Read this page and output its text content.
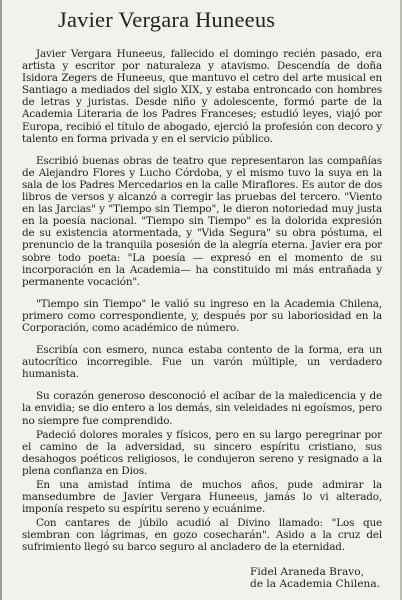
Javier Vergara Huneeus

Javier Vergara Huneeus, fallecido el domingo recién pasado, era artista y escritor por naturaleza y atavismo. Descendía de doña Isidora Zegers de Huneeus, que mantuvo el cetro del arte musical en Santiago a mediados del siglo XIX, y estaba entroncado con hombres de letras y juristas. Desde niño y adolescente, formó parte de la Academia Literaria de los Padres Franceses; estudió leyes, viajó por Europa, recibió el título de abogado, ejerció la profesión con decoro y talento en forma privada y en el servicio público.

Escribió buenas obras de teatro que representaron las compañías de Alejandro Flores y Lucho Córdoba, y el mismo tuvo la suya en la sala de los Padres Mercedarios en la calle Miraflores. Es autor de dos libros de versos y alcanzó a corregir las pruebas del tercero. "Viento en las Jarcias" y "Tiempo sin Tiempo", le dieron notoriedad muy justa en la poesía nacional. "Tiempo sin Tiempo" es la dolorida expresión de su existencia atormentada, y "Vida Segura" su obra póstuma, el prenuncio de la tranquila posesión de la alegría eterna. Javier era por sobre todo poeta: "La poesía — expresó en el momento de su incorporación en la Academia— ha constituido mi más entrañada y permanente vocación".

"Tiempo sin Tiempo" le valió su ingreso en la Academia Chilena, primero como correspondiente, y, después por su laboriosidad en la Corporación, como académico de número.

Escribía con esmero, nunca estaba contento de la forma, era un autocrítico incorregible. Fue un varón múltiple, un verdadero humanista.

Su corazón generoso desconoció el acíbar de la maledicencia y de la envidia; se dio entero a los demás, sin veleidades ni egoísmos, pero no siempre fue comprendido.

Padeció dolores morales y físicos, pero en su largo peregrinar por el camino de la adversidad, su sincero espíritu cristiano, sus desahogos poéticos religiosos, le condujeron sereno y resignado a la plena confianza en Dios.

En una amistad íntima de muchos años, pude admirar la mansedumbre de Javier Vergara Huneeus, jamás lo vi alterado, imponía respeto su espíritu sereno y ecuánime.

Con cantares de júbilo acudió al Divino llamado: "Los que siembran con lágrimas, en gozo cosecharán". Asido a la cruz del sufrimiento llegó su barco seguro al ancladero de la eternidad.

Fidel Araneda Bravo,
de la Academia Chilena.
